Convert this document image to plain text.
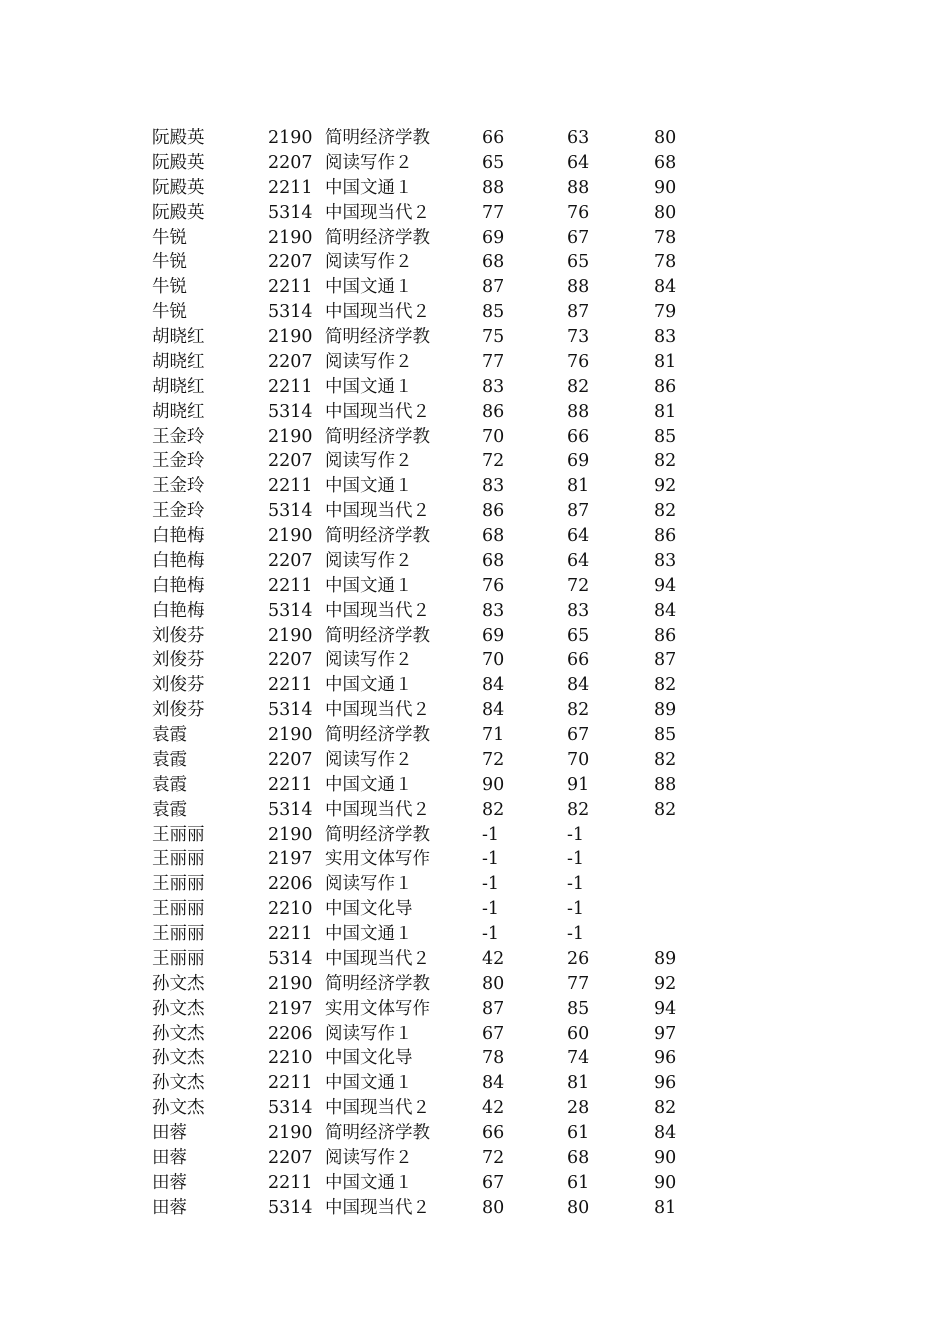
阮殿英	2190 简明经济学教	66	63	80
阮殿英	2207 阅读写作２	65	64	68
阮殿英	2211 中国文通１	88	88	90
阮殿英	5314 中国现当代２	77	76	80
牛锐	2190 简明经济学教	69	67	78
牛锐	2207 阅读写作２	68	65	78
牛锐	2211 中国文通１	87	88	84
牛锐	5314 中国现当代２	85	87	79
胡晓红	2190 简明经济学教	75	73	83
胡晓红	2207 阅读写作２	77	76	81
胡晓红	2211 中国文通１	83	82	86
胡晓红	5314 中国现当代２	86	88	81
王金玲	2190 简明经济学教	70	66	85
王金玲	2207 阅读写作２	72	69	82
王金玲	2211 中国文通１	83	81	92
王金玲	5314 中国现当代２	86	87	82
白艳梅	2190 简明经济学教	68	64	86
白艳梅	2207 阅读写作２	68	64	83
白艳梅	2211 中国文通１	76	72	94
白艳梅	5314 中国现当代２	83	83	84
刘俊芬	2190 简明经济学教	69	65	86
刘俊芬	2207 阅读写作２	70	66	87
刘俊芬	2211 中国文通１	84	84	82
刘俊芬	5314 中国现当代２	84	82	89
袁霞	2190 简明经济学教	71	67	85
袁霞	2207 阅读写作２	72	70	82
袁霞	2211 中国文通１	90	91	88
袁霞	5314 中国现当代２	82	82	82
王丽丽	2190 简明经济学教	-1	-1
王丽丽	2197 实用文体写作	-1	-1
王丽丽	2206 阅读写作１	-1	-1
王丽丽	2210 中国文化导	-1	-1
王丽丽	2211 中国文通１	-1	-1
王丽丽	5314 中国现当代２	42	26	89
孙文杰	2190 简明经济学教	80	77	92
孙文杰	2197 实用文体写作	87	85	94
孙文杰	2206 阅读写作１	67	60	97
孙文杰	2210 中国文化导	78	74	96
孙文杰	2211 中国文通１	84	81	96
孙文杰	5314 中国现当代２	42	28	82
田蓉	2190 简明经济学教	66	61	84
田蓉	2207 阅读写作２	72	68	90
田蓉	2211 中国文通１	67	61	90
田蓉	5314 中国现当代２	80	80	81
